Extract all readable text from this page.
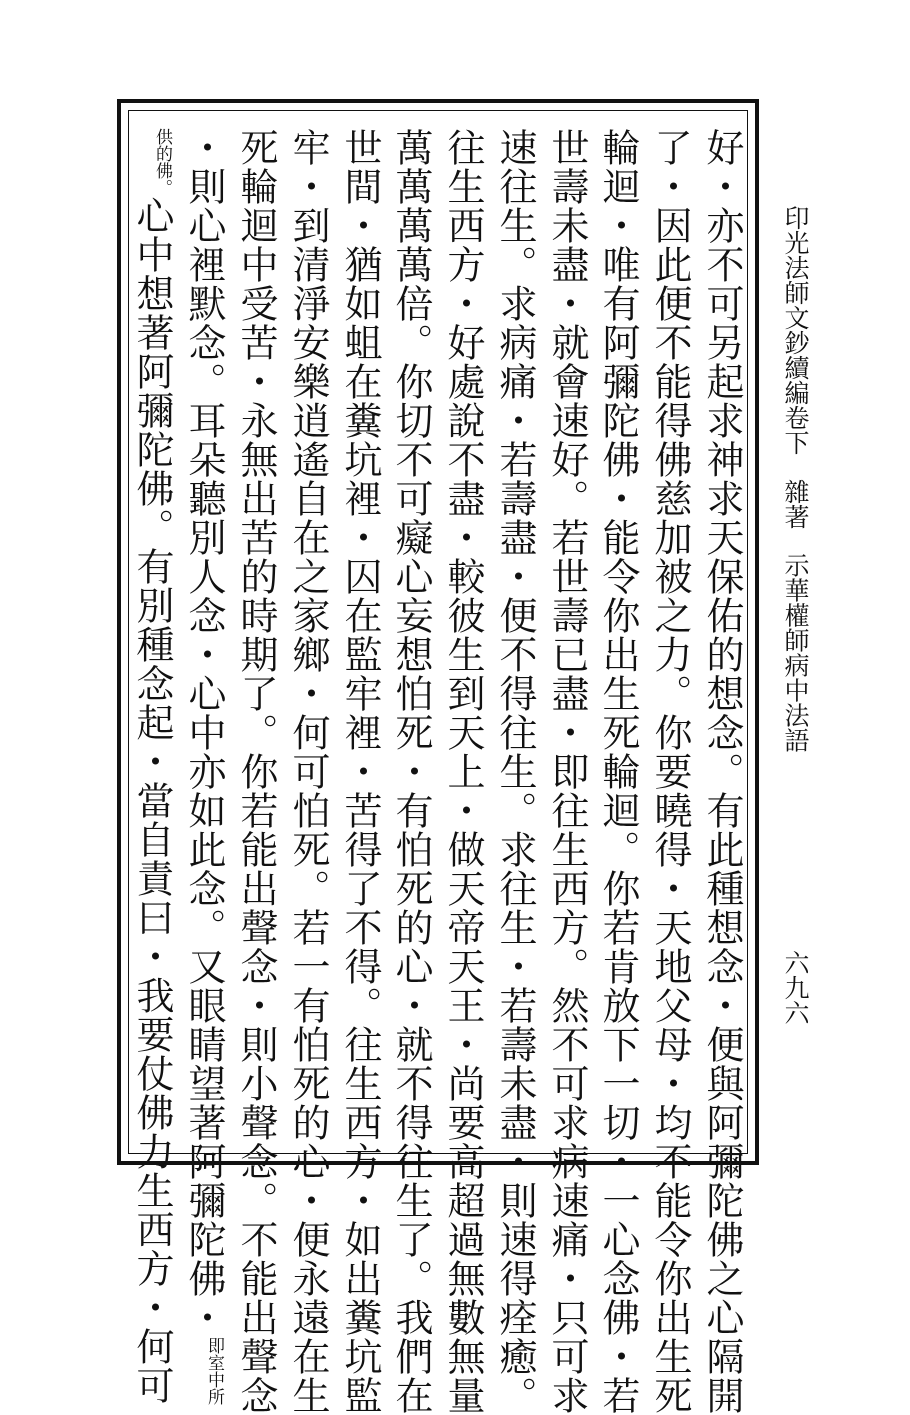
印光法師文鈔續編卷下   雜著   示華權師病中法語
六九六
好・亦不可另起求神求天保佑的想念。有此種想念・便與阿彌陀佛之心隔開
了・因此便不能得佛慈加被之力。你要曉得・天地父母・均不能令你出生死
輪迴・唯有阿彌陀佛・能令你出生死輪迴。你若肯放下一切・一心念佛・若
世壽未盡・就會速好。若世壽已盡・即往生西方。然不可求病速痛・只可求
速往生。求病痛・若壽盡・便不得往生。求往生・若壽未盡・則速得痊癒。
往生西方・好處說不盡・較彼生到天上・做天帝天王・尚要高超過無數無量
萬萬萬萬倍。你切不可癡心妄想怕死・有怕死的心・就不得往生了。我們在
世間・猶如蛆在糞坑裡・囚在監牢裡・苦得了不得。往生西方・如出糞坑監
牢・到清淨安樂逍遙自在之家鄉・何可怕死。若一有怕死的心・便永遠在生
死輪迴中受苦・永無出苦的時期了。你若能出聲念・則小聲念。不能出聲念
・則心裡默念。耳朵聽別人念・心中亦如此念。又眼睛望著阿彌陀佛・即室中所
供的佛。心中想著阿彌陀佛。有別種念起・當自責曰・我要仗佛力生西方・何可
